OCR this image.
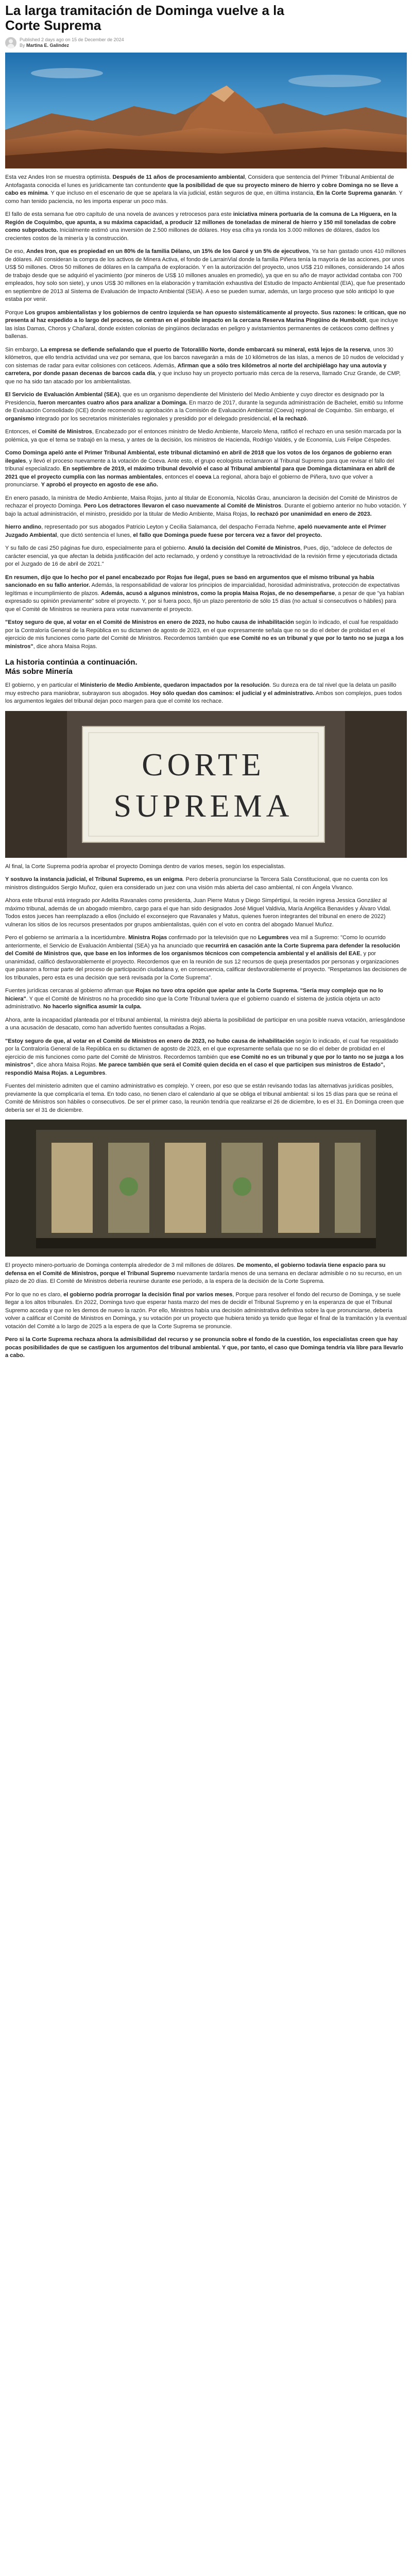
La larga tramitación de Dominga vuelve a la Corte Suprema
Published 2 days ago on 15 de December de 2024
By Martina E. Galindez

Esta vez Andes Iron se muestra optimista. Después de 11 años de procesamiento ambiental, Considera que sentencia del Primer Tribunal Ambiental de Antofagasta conocida el lunes es jurídicamente tan contundente que la posibilidad de que su proyecto minero de hierro y cobre Dominga no se lleve a cabo es mínima. Y que incluso en el escenario de que se apelara la vía judicial, están seguros de que, en última instancia, En la Corte Suprema ganarán. Y como han tenido paciencia, no les importa esperar un poco más.

El fallo de esta semana fue otro capítulo de una novela de avances y retrocesos para este iniciativa minera portuaria de la comuna de La Higuera, en la Región de Coquimbo, que apunta, a su máxima capacidad, a producir 12 millones de toneladas de mineral de hierro y 150 mil toneladas de cobre como subproducto. Inicialmente estimó una inversión de 2.500 millones de dólares. Hoy esa cifra ya ronda los 3.000 millones de dólares, dados los crecientes costos de la minería y la construcción.

De eso, Andes Iron, que es propiedad en un 80% de la familia Délano, un 15% de los Garcé y un 5% de ejecutivos, Ya se han gastado unos 410 millones de dólares. Allí consideran la compra de los activos de Minera Activa, el fondo de LarrainVial donde la familia Piñera tenía la mayoría de las acciones, por unos US$ 50 millones. Otros 50 millones de dólares en la campaña de exploración. Y en la autorización del proyecto, unos US$ 210 millones, considerando 14 años de trabajo desde que se adquirió el yacimiento (por mineros de US$ 10 millones anuales en promedio), ya que en su año de mayor actividad contaba con 700 empleados, hoy solo son siete), y unos US$ 30 millones en la elaboración y tramitación exhaustiva del Estudio de Impacto Ambiental (EIA), que fue presentado en septiembre de 2013 al Sistema de Evaluación de Impacto Ambiental (SEIA). A eso se pueden sumar, además, un largo proceso que sólo anticipó lo que estaba por venir.

Porque Los grupos ambientalistas y los gobiernos de centro izquierda se han opuesto sistemáticamente al proyecto. Sus razones: le critican, que no presenta al haz expedido a lo largo del proceso, se centran en el posible impacto en la cercana Reserva Marina Pingüino de Humboldt, que incluye las islas Damas, Choros y Chañaral, donde existen colonias de pingüinos declaradas en peligro y avistamientos permanentes de cetáceos como delfines y ballenas.

Sin embargo, La empresa se defiende señalando que el puerto de Totoralillo Norte, donde embarcará su mineral, está lejos de la reserva, unos 30 kilómetros, que ello tendría actividad una vez por semana, que los barcos navegarán a más de 10 kilómetros de las islas, a menos de 10 nudos de velocidad y con sistemas de radar para evitar colisiones con cetáceos. Además, Afirman que a sólo tres kilómetros al norte del archipiélago hay una autovía y carretera, por donde pasan decenas de barcos cada día, y que incluso hay un proyecto portuario más cerca de la reserva, llamado Cruz Grande, de CMP, que no ha sido tan atacado por los ambientalistas.

El Servicio de Evaluación Ambiental (SEA), que es un organismo dependiente del Ministerio del Medio Ambiente y cuyo director es designado por la Presidencia, fueron mercantes cuatro años para analizar a Dominga. En marzo de 2017, durante la segunda administración de Bachelet, emitió su Informe de Evaluación Consolidado (ICE) donde recomendó su aprobación a la Comisión de Evaluación Ambiental (Coeva) regional de Coquimbo. Sin embargo, el organismo integrado por los secretarios ministeriales regionales y presidido por el delegado presidencial, el la rechazó.

Entonces, el Comité de Ministros, Encabezado por el entonces ministro de Medio Ambiente, Marcelo Mena, ratificó el rechazo en una sesión marcada por la polémica, ya que el tema se trabajó en la mesa, y antes de la decisión, los ministros de Hacienda, Rodrigo Valdés, y de Economía, Luis Felipe Céspedes.

Como Dominga apeló ante el Primer Tribunal Ambiental, este tribunal dictaminó en abril de 2018 que los votos de los órganos de gobierno eran ilegales, y llevó el proceso nuevamente a la votación de Coeva. Ante esto, el grupo ecologista reclamaron al Tribunal Supremo para que revisar el fallo del tribunal especializado. En septiembre de 2019, el máximo tribunal devolvió el caso al Tribunal ambiental para que Dominga dictaminara en abril de 2021 que el proyecto cumplía con las normas ambientales, entonces el coeva La regional, ahora bajo el gobierno de Piñera, tuvo que volver a pronunciarse. Y aprobó el proyecto en agosto de ese año.

En enero pasado, la ministra de Medio Ambiente, Maisa Rojas, junto al titular de Economía, Nicolás Grau, anunciaron la decisión del Comité de Ministros de rechazar el proyecto Dominga. Pero Los detractores llevaron el caso nuevamente al Comité de Ministros. Durante el gobierno anterior no hubo votación. Y bajo la actual administración, el ministro, presidido por la titular de Medio Ambiente, Maisa Rojas, lo rechazó por unanimidad en enero de 2023.

hierro andino, representado por sus abogados Patricio Leyton y Cecilia Salamanca, del despacho Ferrada Nehme, apeló nuevamente ante el Primer Juzgado Ambiental, que dictó sentencia el lunes, el fallo que Dominga puede fuese por tercera vez a favor del proyecto.

Y su fallo de casi 250 páginas fue duro, especialmente para el gobierno. Anuló la decisión del Comité de Ministros, Pues, dijo, "adolece de defectos de carácter esencial, ya que afectan la debida justificación del acto reclamado, y ordenó y constituye la retroactividad de la revisión firme y ejecutoriada dictada por el Juzgado de 16 de abril de 2021."

En resumen, dijo que lo hecho por el panel encabezado por Rojas fue ilegal, pues se basó en argumentos que el mismo tribunal ya había sancionado en su fallo anterior. Además, la responsabilidad de valorar los principios de imparcialidad, horosidad administrativa, protección de expectativas legítimas e incumplimiento de plazos. Además, acusó a algunos ministros, como la propia Maisa Rojas, de no desempeñarse, a pesar de que "ya habían expresado su opinión previamente" sobre el proyecto. Y, por si fuera poco, fijó un plazo perentorio de sólo 15 días (no actual si consecutivos o hábiles) para que el Comité de Ministros se reuniera para votar nuevamente el proyecto.

"Estoy seguro de que, al votar en el Comité de Ministros en enero de 2023, no hubo causa de inhabilitación según lo indicado, el cual fue respaldado por la Contraloría General de la República en su dictamen de agosto de 2023, en el que expresamente señala que no se dio el deber de probidad en el ejercicio de mis funciones como parte del Comité de Ministros. Recordemos también que ese Comité no es un tribunal y que por lo tanto no se juzga a los ministros", dice ahora Maisa Rojas.

La historia continúa a continuación.
Más sobre Minería

El gobierno, y en particular el Ministerio de Medio Ambiente, quedaron impactados por la resolución. Su dureza era de tal nivel que la delata un pasillo muy estrecho para maniobrar, subrayaron sus abogados. Hoy sólo quedan dos caminos: el judicial y el administrativo. Ambos son complejos, pues todos los argumentos legales del tribunal dejan poco margen para que el comité los rechace.

CORTE
SUPREMA

Al final, la Corte Suprema podría aprobar el proyecto Dominga dentro de varios meses, según los especialistas.

Y sostuvo la instancia judicial, el Tribunal Supremo, es un enigma. Pero debería pronunciarse la Tercera Sala Constitucional, que no cuenta con los ministros distinguidos Sergio Muñoz, quien era considerado un juez con una visión más abierta del caso ambiental, ni con Ángela Vivanco.

Ahora este tribunal está integrado por Adelita Ravanales como presidenta, Juan Pierre Matus y Diego Simpértigui, la recién ingresa Jessica González al máximo tribunal, además de un abogado miembro, cargo para el que han sido designados José Miguel Valdivia, María Angélica Benavides y Álvaro Vidal. Todos estos jueces han reemplazado a ellos (incluido el exconsejero que Ravanales y Matus, quienes fueron integrantes del tribunal en enero de 2022) vulneran los sitios de los recursos presentados por grupos ambientalistas, quién con el voto en contra del abogado Manuel Muñoz.

Pero el gobierno se arrimaría a la incertidumbre. Ministra Rojas confirmado por la televisión que no Legumbres vea mil a Supremo: "Como lo ocurrido anteriormente, el Servicio de Evaluación Ambiental (SEA) ya ha anunciado que recurrirá en casación ante la Corte Suprema para defender la resolución del Comité de Ministros que, que base en los informes de los organismos técnicos con competencia ambiental y el análisis del EAE, y por unanimidad, calificó desfavorablemente el proyecto. Recordemos que en la reunión de sus 12 recursos de queja presentados por personas y organizaciones que pasaron a formar parte del proceso de participación ciudadana y, en consecuencia, calificar desfavorablemente el proyecto. "Respetamos las decisiones de los tribunales, pero esta es una decisión que será revisada por la Corte Suprema".

Fuentes jurídicas cercanas al gobierno afirman que Rojas no tuvo otra opción que apelar ante la Corte Suprema. "Sería muy complejo que no lo hiciera". Y que el Comité de Ministros no ha procedido sino que la Corte Tribunal tuviera que el gobierno cuando el sistema de justicia objeta un acto administrativo. No hacerlo significa asumir la culpa.

Ahora, ante la incapacidad planteada por el tribunal ambiental, la ministra dejó abierta la posibilidad de participar en una posible nueva votación, arriesgándose a una acusación de desacato, como han advertido fuentes consultadas a Rojas.

"Estoy seguro de que, al votar en el Comité de Ministros en enero de 2023, no hubo causa de inhabilitación según lo indicado, el cual fue respaldado por la Contraloría General de la República en su dictamen de agosto de 2023, en el que expresamente señala que no se dio el deber de probidad en el ejercicio de mis funciones como parte del Comité de Ministros. Recordemos también que ese Comité no es un tribunal y que por lo tanto no se juzga a los ministros", dice ahora Maisa Rojas. Me parece también que será el Comité quien decida en el caso el que participen sus ministros de Estado", respondió Maisa Rojas. a Legumbres.

Fuentes del ministerio admiten que el camino administrativo es complejo. Y creen, por eso que se están revisando todas las alternativas jurídicas posibles, previamente la que complicaría el tema. En todo caso, no tienen claro el calendario al que se obliga el tribunal ambiental: si los 15 días para que se reúna el Comité de Ministros son hábiles o consecutivos. De ser el primer caso, la reunión tendría que realizarse el 26 de diciembre, lo es el 31. En Dominga creen que debería ser el 31 de diciembre.

El proyecto minero-portuario de Dominga contempla alrededor de 3 mil millones de dólares. De momento, el gobierno todavía tiene espacio para su defensa en el Comité de Ministros, porque el Tribunal Supremo nuevamente tardaría menos de una semana en declarar admisible o no su recurso, en un plazo de 20 días. El Comité de Ministros debería reunirse durante ese período, a la espera de la decisión de la Corte Suprema.

Por lo que no es claro, el gobierno podría prorrogar la decisión final por varios meses, Porque para resolver el fondo del recurso de Dominga, y se suele llegar a los altos tribunales. En 2022, Dominga tuvo que esperar hasta marzo del mes de decidir el Tribunal Supremo y en la esperanza de que el Tribunal Supremo acceda y que no les demos de nuevo la razón. Por ello, Ministros había una decisión administrativa definitiva sobre la que pronunciarse, debería volver a calificar el Comité de Ministros en Dominga, y su votación por un proyecto que hubiera tenido ya tenido que llegar el final de la tramitación y la eventual votación del Comité a lo largo de 2025 a la espera de que la Corte Suprema se pronuncie.

Pero si la Corte Suprema rechaza ahora la admisibilidad del recurso y se pronuncia sobre el fondo de la cuestión, los especialistas creen que hay pocas posibilidades de que se castiguen los argumentos del tribunal ambiental. Y que, por tanto, el caso que Dominga tendría vía libre para llevarlo a cabo.
